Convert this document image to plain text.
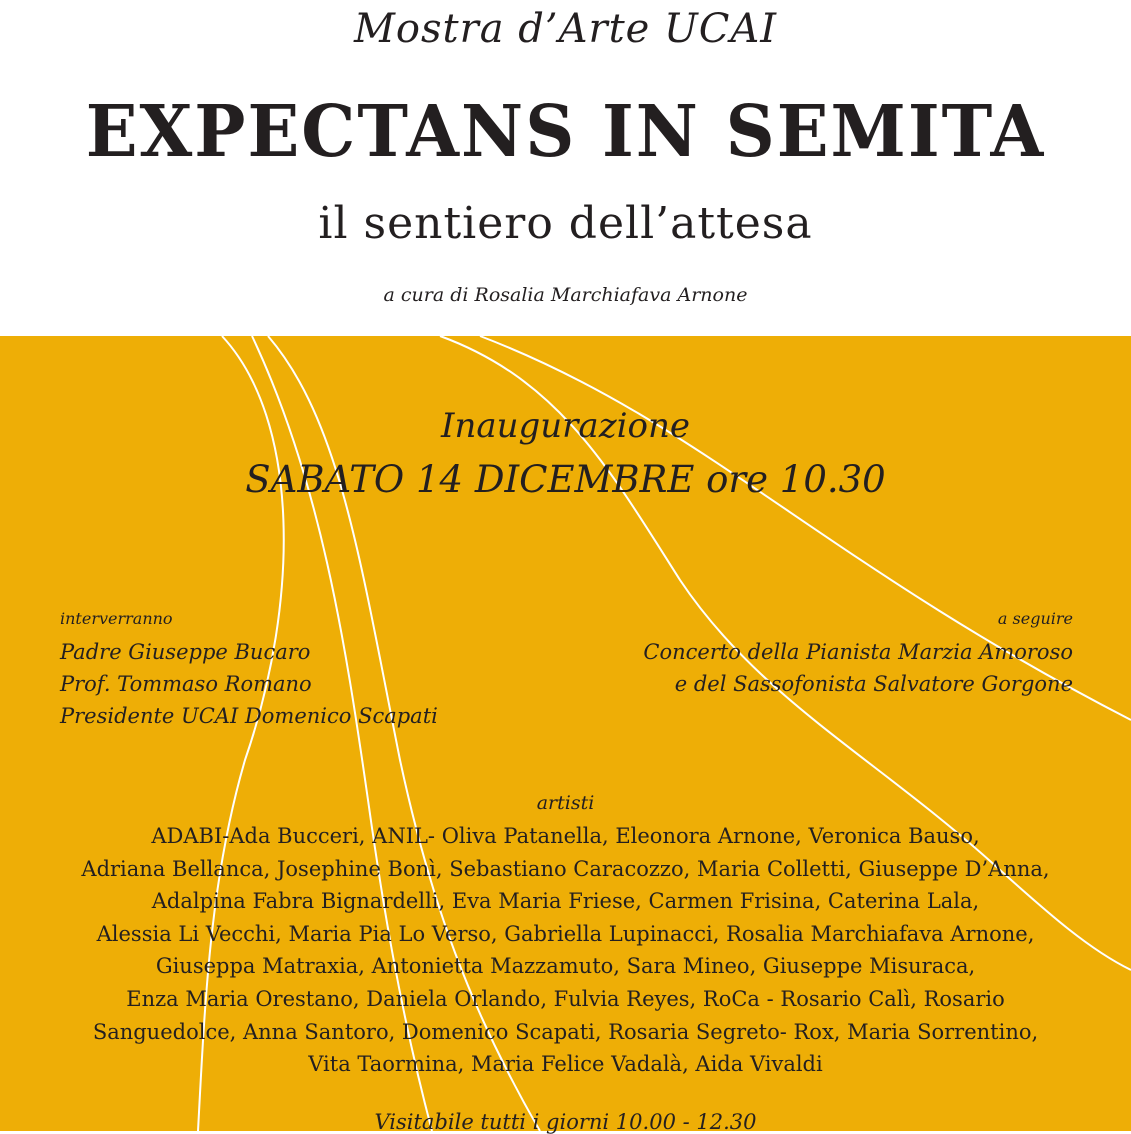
Mostra d’Arte UCAI
EXPECTANS IN SEMITA
il sentiero dell’attesa
a cura di Rosalia Marchiafava Arnone
Inaugurazione
SABATO 14 DICEMBRE ore 10.30
interverranno
Padre Giuseppe Bucaro
Prof. Tommaso Romano
Presidente UCAI Domenico Scapati
a seguire
Concerto della Pianista Marzia Amoroso
e del Sassofonista Salvatore Gorgone
artisti
ADABI-Ada Bucceri, ANIL- Oliva Patanella, Eleonora Arnone, Veronica Bauso,
Adriana Bellanca, Josephine Bonì, Sebastiano Caracozzo, Maria Colletti, Giuseppe D’Anna,
Adalpina Fabra Bignardelli, Eva Maria Friese, Carmen Frisina, Caterina Lala,
Alessia Li Vecchi, Maria Pia Lo Verso, Gabriella Lupinacci, Rosalia Marchiafava Arnone,
Giuseppa Matraxia, Antonietta Mazzamuto, Sara Mineo, Giuseppe Misuraca,
Enza Maria Orestano, Daniela Orlando, Fulvia Reyes, RoCa - Rosario Calì, Rosario
Sanguedolce, Anna Santoro, Domenico Scapati, Rosaria Segreto- Rox, Maria Sorrentino,
Vita Taormina, Maria Felice Vadalà, Aida Vivaldi
Visitabile tutti i giorni 10.00 - 12.30
